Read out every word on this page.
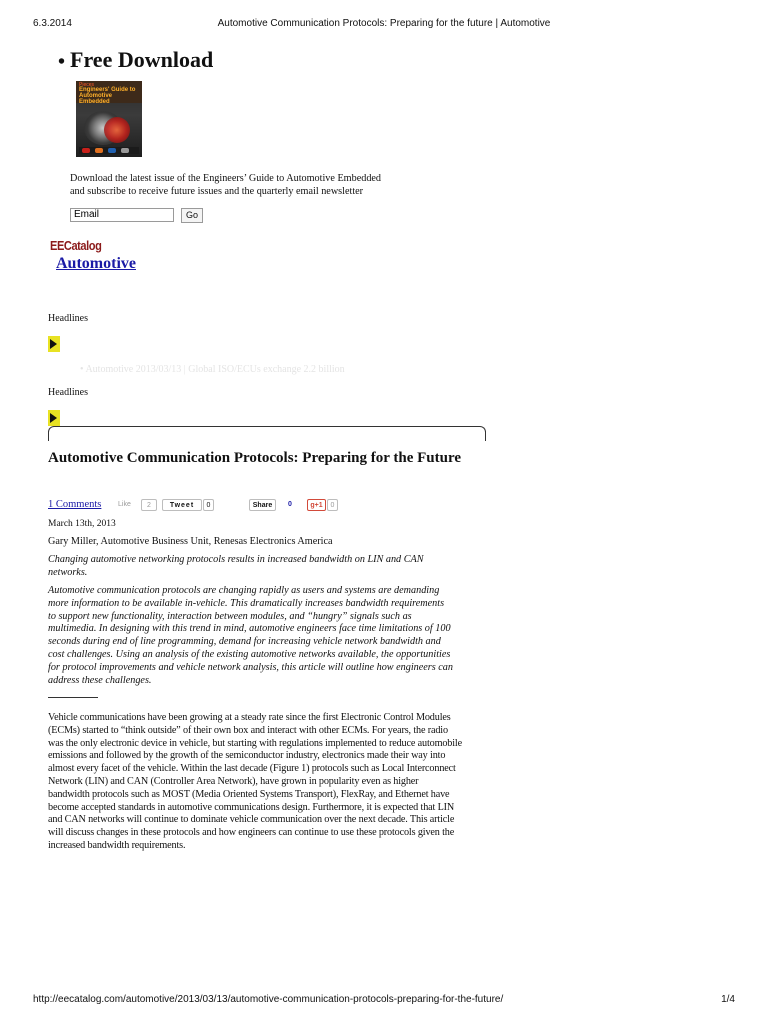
6.3.2014	Automotive Communication Protocols: Preparing for the future | Automotive
• Free Download
Pieces
Engineers' Guide to Automotive Embedded
Download the latest issue of the Engineers’ Guide to Automotive Embedded
and subscribe to receive future issues and the quarterly email newsletter
Email	Go
EECatalog
Automotive
Headlines
• Automotive 2013/03/13 | Global ISO/ECUs exchange 2.2 billion
Headlines
Automotive Communication Protocols: Preparing for the Future
1 Comments Like	2	Tweet	0	Share	0	g+1	0
March 13th, 2013
Gary Miller, Automotive Business Unit, Renesas Electronics America
Changing automotive networking protocols results in increased bandwidth on LIN and CAN
networks.
Automotive communication protocols are changing rapidly as users and systems are demanding
more information to be available in-vehicle. This dramatically increases bandwidth requirements
to support new functionality, interaction between modules, and “hungry” signals such as
multimedia. In designing with this trend in mind, automotive engineers face time limitations of 100
seconds during end of line programming, demand for increasing vehicle network bandwidth and
cost challenges. Using an analysis of the existing automotive networks available, the opportunities
for protocol improvements and vehicle network analysis, this article will outline how engineers can
address these challenges.
Vehicle communications have been growing at a steady rate since the first Electronic Control Modules
(ECMs) started to “think outside” of their own box and interact with other ECMs. For years, the radio
was the only electronic device in vehicle, but starting with regulations implemented to reduce automobile
emissions and followed by the growth of the semiconductor industry, electronics made their way into
almost every facet of the vehicle. Within the last decade (Figure 1) protocols such as Local Interconnect
Network (LIN) and CAN (Controller Area Network), have grown in popularity even as higher
bandwidth protocols such as MOST (Media Oriented Systems Transport), FlexRay, and Ethernet have
become accepted standards in automotive communications design. Furthermore, it is expected that LIN
and CAN networks will continue to dominate vehicle communication over the next decade. This article
will discuss changes in these protocols and how engineers can continue to use these protocols given the
increased bandwidth requirements.
http://eecatalog.com/automotive/2013/03/13/automotive-communication-protocols-preparing-for-the-future/	1/4
